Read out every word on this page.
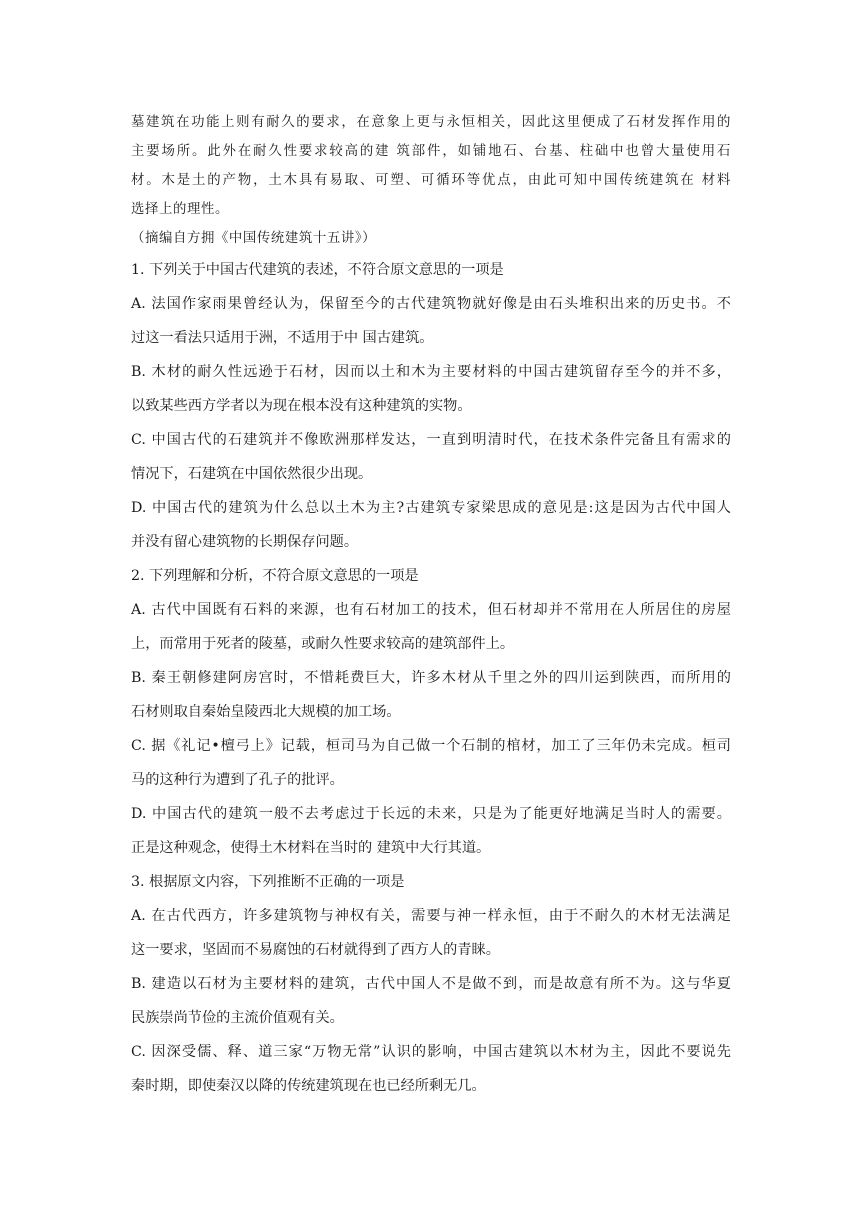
墓建筑在功能上则有耐久的要求，在意象上更与永恒相关，因此这里便成了石材发挥作用的
主要场所。此外在耐久性要求较高的建 筑部件，如铺地石、台基、柱础中也曾大量使用石
材。木是土的产物，土木具有易取、可塑、可循环等优点，由此可知中国传统建筑在 材料
选择上的理性。

（摘编自方拥《中国传统建筑十五讲》）

1. 下列关于中国古代建筑的表述，不符合原文意思的一项是

A. 法国作家雨果曾经认为，保留至今的古代建筑物就好像是由石头堆积出来的历史书。不
过这一看法只适用于洲，不适用于中 国古建筑。
B. 木材的耐久性远逊于石材，因而以土和木为主要材料的中国古建筑留存至今的并不多，
以致某些西方学者以为现在根本没有这种建筑的实物。
C. 中国古代的石建筑并不像欧洲那样发达，一直到明清时代，在技术条件完备且有需求的
情况下，石建筑在中国依然很少出现。
D. 中国古代的建筑为什么总以土木为主?古建筑专家梁思成的意见是:这是因为古代中国人
并没有留心建筑物的长期保存问题。

2. 下列理解和分析，不符合原文意思的一项是

A. 古代中国既有石料的来源，也有石材加工的技术，但石材却并不常用在人所居住的房屋
上，而常用于死者的陵墓，或耐久性要求较高的建筑部件上。
B. 秦王朝修建阿房宫时，不惜耗费巨大，许多木材从千里之外的四川运到陕西，而所用的
石材则取自秦始皇陵西北大规模的加工场。
C. 据《礼记•檀弓上》记载，桓司马为自己做一个石制的棺材，加工了三年仍未完成。桓司
马的这种行为遭到了孔子的批评。
D. 中国古代的建筑一般不去考虑过于长远的未来，只是为了能更好地满足当时人的需要。
正是这种观念，使得土木材料在当时的 建筑中大行其道。

3. 根据原文内容，下列推断不正确的一项是

A. 在古代西方，许多建筑物与神权有关，需要与神一样永恒，由于不耐久的木材无法满足
这一要求，坚固而不易腐蚀的石材就得到了西方人的青睐。
B. 建造以石材为主要材料的建筑，古代中国人不是做不到，而是故意有所不为。这与华夏
民族崇尚节俭的主流价值观有关。
C. 因深受儒、释、道三家“万物无常”认识的影响，中国古建筑以木材为主，因此不要说先
秦时期，即使秦汉以降的传统建筑现在也已经所剩无几。
